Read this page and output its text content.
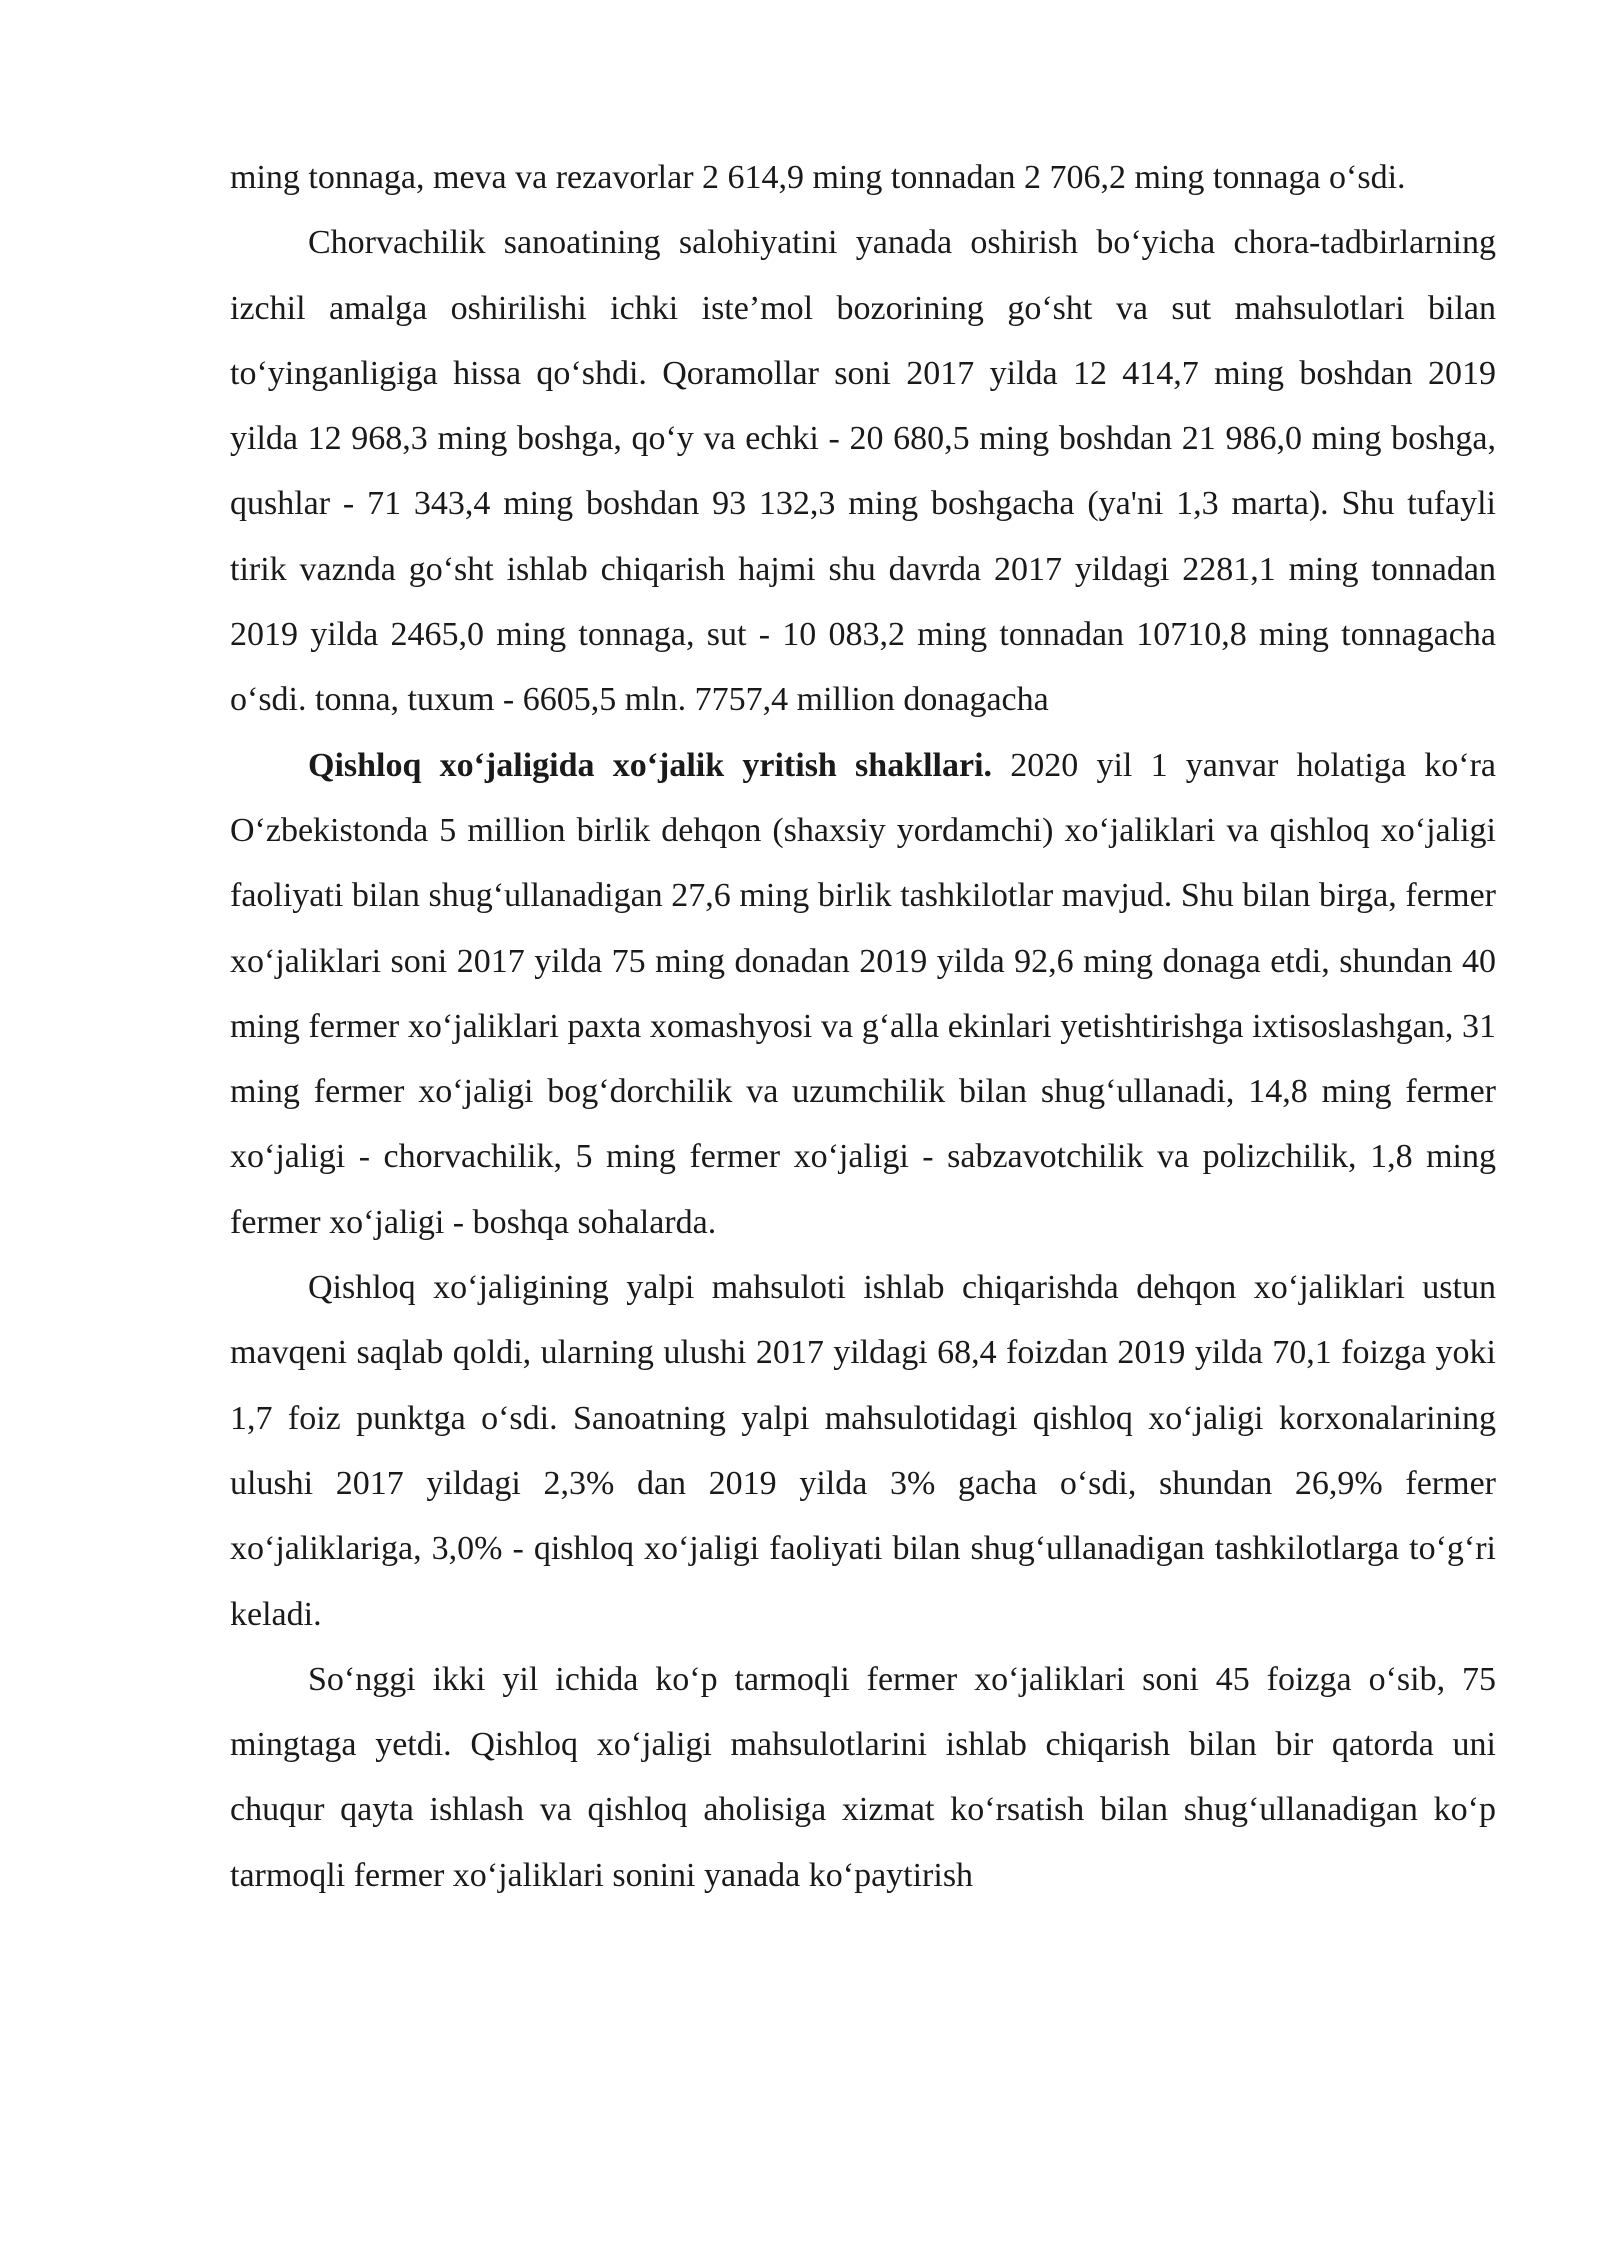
ming tonnaga, meva va rezavorlar 2 614,9 ming tonnadan 2 706,2 ming tonnaga o‘sdi.

Chorvachilik sanoatining salohiyatini yanada oshirish bo‘yicha chora-tadbirlarning izchil amalga oshirilishi ichki iste’mol bozorining go‘sht va sut mahsulotlari bilan to‘yinganligiga hissa qo‘shdi. Qoramollar soni 2017 yilda 12 414,7 ming boshdan 2019 yilda 12 968,3 ming boshga, qo‘y va echki - 20 680,5 ming boshdan 21 986,0 ming boshga, qushlar - 71 343,4 ming boshdan 93 132,3 ming boshgacha (ya'ni 1,3 marta). Shu tufayli tirik vaznda go‘sht ishlab chiqarish hajmi shu davrda 2017 yildagi 2281,1 ming tonnadan 2019 yilda 2465,0 ming tonnaga, sut - 10 083,2 ming tonnadan 10710,8 ming tonnagacha o‘sdi. tonna, tuxum - 6605,5 mln. 7757,4 million donagacha

Qishloq xo‘jaligida xo‘jalik yritish shakllari. 2020 yil 1 yanvar holatiga ko‘ra O‘zbekistonda 5 million birlik dehqon (shaxsiy yordamchi) xo‘jaliklari va qishloq xo‘jaligi faoliyati bilan shug‘ullanadigan 27,6 ming birlik tashkilotlar mavjud. Shu bilan birga, fermer xo‘jaliklari soni 2017 yilda 75 ming donadan 2019 yilda 92,6 ming donaga etdi, shundan 40 ming fermer xo‘jaliklari paxta xomashyosi va g‘alla ekinlari yetishtirishga ixtisoslashgan, 31 ming fermer xo‘jaligi bog‘dorchilik va uzumchilik bilan shug‘ullanadi, 14,8 ming fermer xo‘jaligi - chorvachilik, 5 ming fermer xo‘jaligi - sabzavotchilik va polizchilik, 1,8 ming fermer xo‘jaligi - boshqa sohalarda.

Qishloq xo‘jaligining yalpi mahsuloti ishlab chiqarishda dehqon xo‘jaliklari ustun mavqeni saqlab qoldi, ularning ulushi 2017 yildagi 68,4 foizdan 2019 yilda 70,1 foizga yoki 1,7 foiz punktga o‘sdi. Sanoatning yalpi mahsulotidagi qishloq xo‘jaligi korxonalarining ulushi 2017 yildagi 2,3% dan 2019 yilda 3% gacha o‘sdi, shundan 26,9% fermer xo‘jaliklariga, 3,0% - qishloq xo‘jaligi faoliyati bilan shug‘ullanadigan tashkilotlarga to‘g‘ri keladi.

So‘nggi ikki yil ichida ko‘p tarmoqli fermer xo‘jaliklari soni 45 foizga o‘sib, 75 mingtaga yetdi. Qishloq xo‘jaligi mahsulotlarini ishlab chiqarish bilan bir qatorda uni chuqur qayta ishlash va qishloq aholisiga xizmat ko‘rsatish bilan shug‘ullanadigan ko‘p tarmoqli fermer xo‘jaliklari sonini yanada ko‘paytirish
